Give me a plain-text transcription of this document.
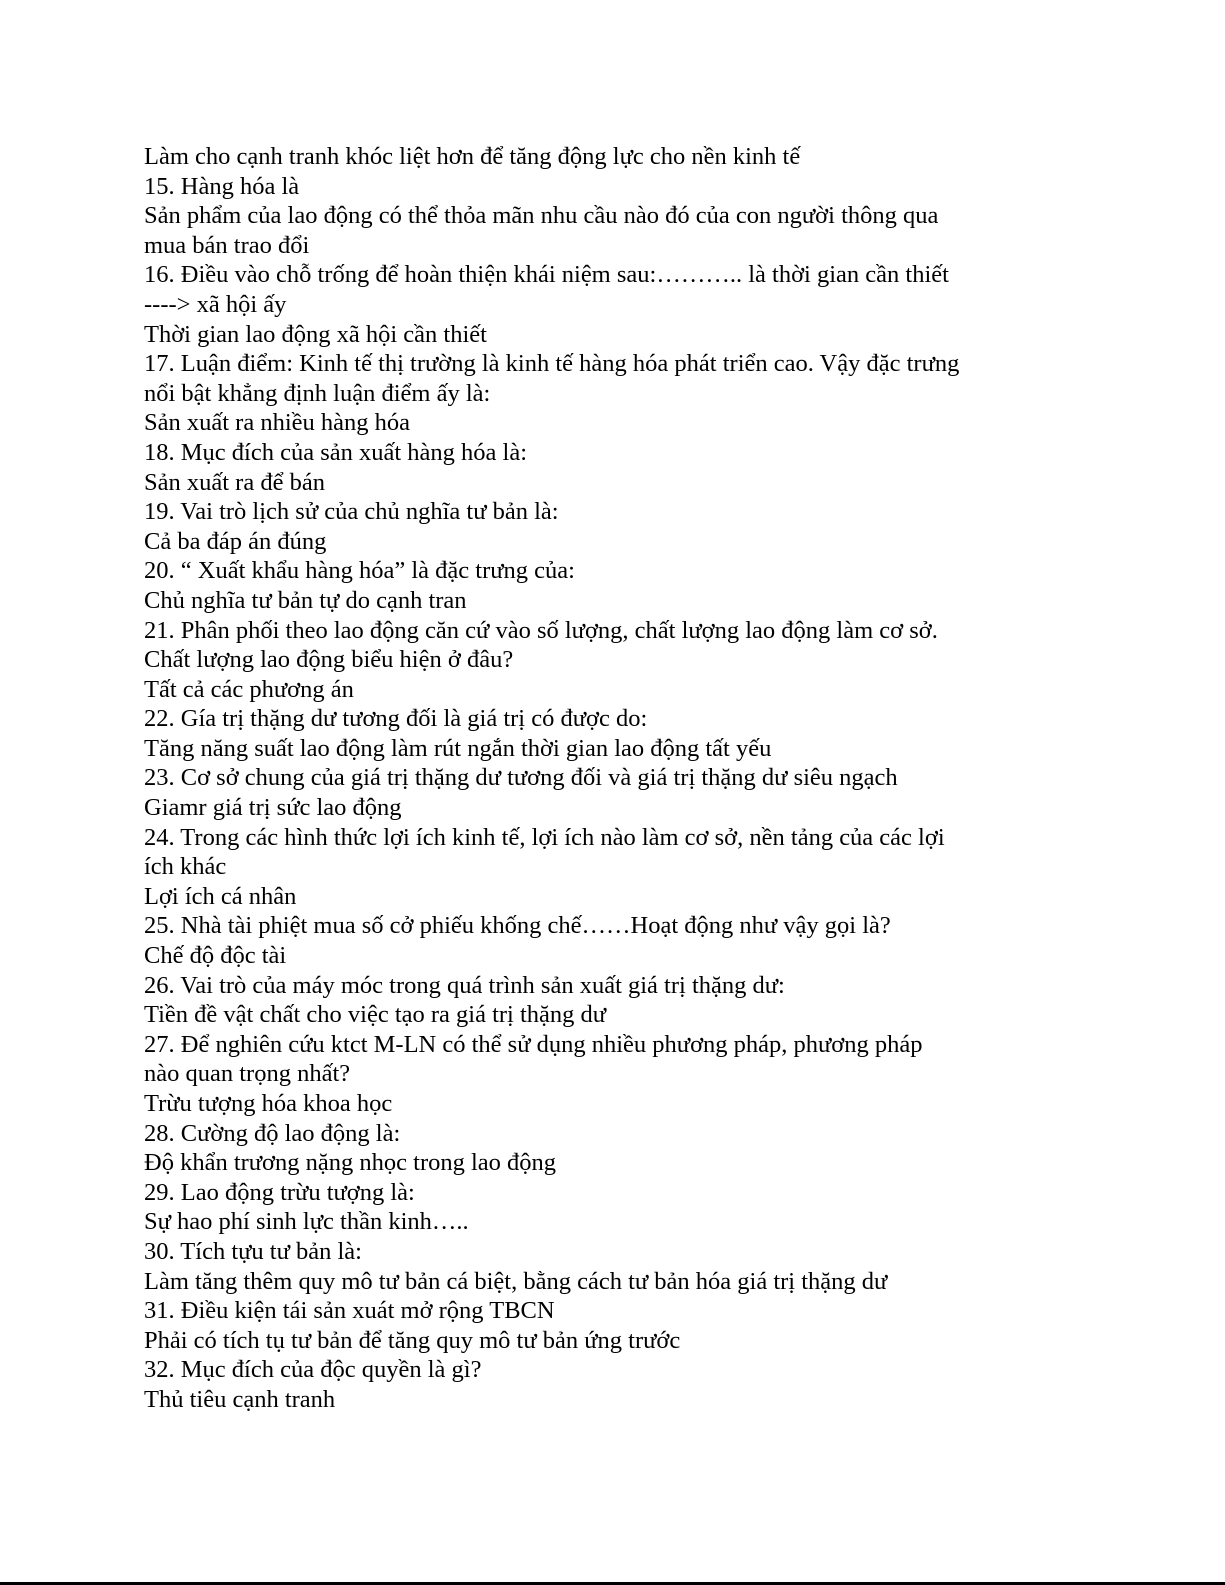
Làm cho cạnh tranh khóc liệt hơn để tăng động lực cho nền kinh tế
15. Hàng hóa là
Sản phẩm của lao động có thể thỏa mãn nhu cầu nào đó của con người thông qua
mua bán trao đổi
16. Điều vào chỗ trống để hoàn thiện khái niệm sau:……….. là thời gian cần thiết
----> xã hội ấy
Thời gian lao động xã hội cần thiết
17. Luận điểm: Kinh tế thị trường là kinh tế hàng hóa phát triển cao. Vậy đặc trưng
nổi bật khẳng định luận điểm ấy là:
Sản xuất ra nhiều hàng hóa
18. Mục đích của sản xuất hàng hóa là:
Sản xuất ra để bán
19. Vai trò lịch sử của chủ nghĩa tư bản là:
Cả ba đáp án đúng
20. “ Xuất khẩu hàng hóa” là đặc trưng của:
Chủ nghĩa tư bản tự do cạnh tran
21. Phân phối theo lao động căn cứ vào số lượng, chất lượng lao động làm cơ sở.
Chất lượng lao động biểu hiện ở đâu?
Tất cả các phương án
22. Gía trị thặng dư tương đối là giá trị có được do:
Tăng năng suất lao động làm rút ngắn thời gian lao động tất yếu
23. Cơ sở chung của giá trị thặng dư tương đối và giá trị thặng dư siêu ngạch
Giamr giá trị sức lao động
24. Trong các hình thức lợi ích kinh tế, lợi ích nào làm cơ sở, nền tảng của các lợi
ích khác
Lợi ích cá nhân
25. Nhà tài phiệt mua số cở phiếu khống chế……Hoạt động như vậy gọi là?
Chế độ độc tài
26. Vai trò của máy móc trong quá trình sản xuất giá trị thặng dư:
Tiền đề vật chất cho việc tạo ra giá trị thặng dư
27. Để nghiên cứu ktct M-LN có thể sử dụng nhiều phương pháp, phương pháp
nào quan trọng nhất?
Trừu tượng hóa khoa học
28. Cường độ lao động là:
Độ khẩn trương nặng nhọc trong lao động
29. Lao động trừu tượng là:
Sự hao phí sinh lực thần kinh…..
30. Tích tựu tư bản là:
Làm tăng thêm quy mô tư bản cá biệt, bằng cách tư bản hóa giá trị thặng dư
31. Điều kiện tái sản xuát mở rộng TBCN
Phải có tích tụ tư bản để tăng quy mô tư bản ứng trước
32. Mục đích của độc quyền là gì?
Thủ tiêu cạnh tranh
